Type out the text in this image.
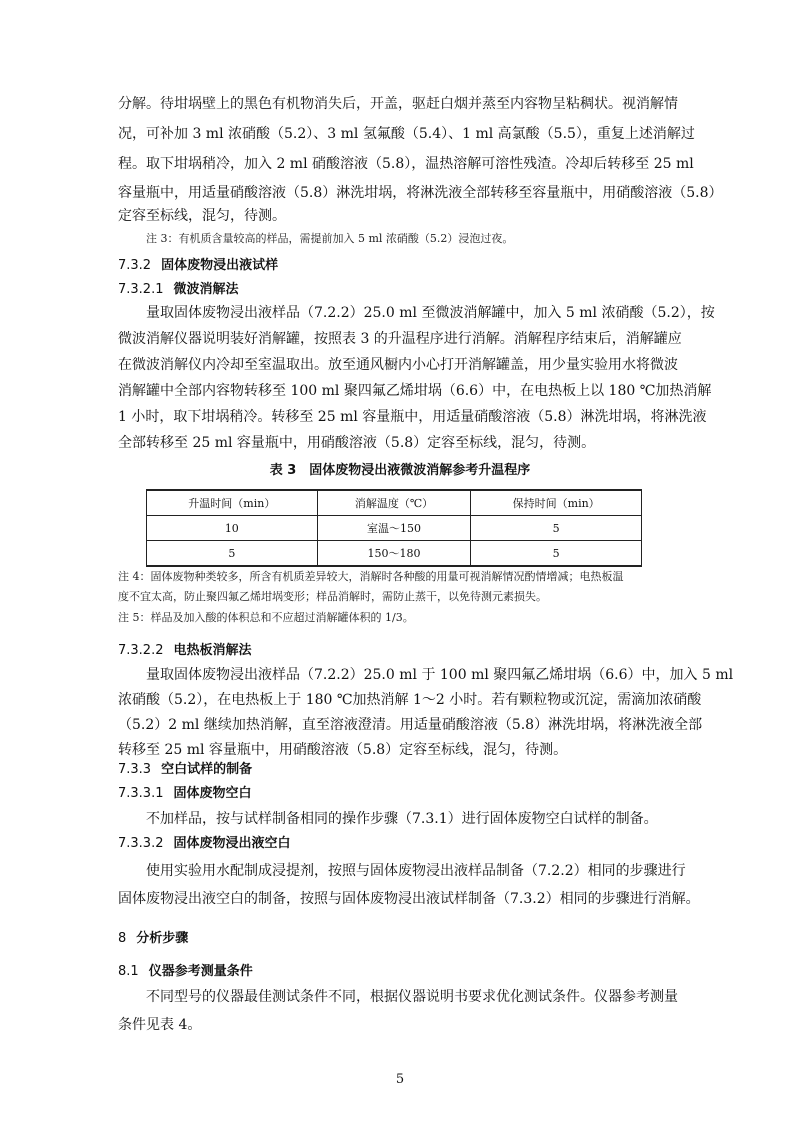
分解。待坩埚壁上的黑色有机物消失后，开盖，驱赶白烟并蒸至内容物呈粘稠状。视消解情
况，可补加 3 ml 浓硝酸（5.2）、3 ml 氢氟酸（5.4）、1 ml 高氯酸（5.5），重复上述消解过
程。取下坩埚稍冷，加入 2 ml 硝酸溶液（5.8），温热溶解可溶性残渣。冷却后转移至 25 ml
容量瓶中，用适量硝酸溶液（5.8）淋洗坩埚，将淋洗液全部转移至容量瓶中，用硝酸溶液（5.8）
定容至标线，混匀，待测。
注 3：有机质含量较高的样品，需提前加入 5 ml 浓硝酸（5.2）浸泡过夜。
7.3.2 固体废物浸出液试样
7.3.2.1 微波消解法
量取固体废物浸出液样品（7.2.2）25.0 ml 至微波消解罐中，加入 5 ml 浓硝酸（5.2），按
微波消解仪器说明装好消解罐，按照表 3 的升温程序进行消解。消解程序结束后，消解罐应
在微波消解仪内冷却至室温取出。放至通风橱内小心打开消解罐盖，用少量实验用水将微波
消解罐中全部内容物转移至 100 ml 聚四氟乙烯坩埚（6.6）中，在电热板上以 180 ℃加热消解
1 小时，取下坩埚稍冷。转移至 25 ml 容量瓶中，用适量硝酸溶液（5.8）淋洗坩埚，将淋洗液
全部转移至 25 ml 容量瓶中，用硝酸溶液（5.8）定容至标线，混匀，待测。
表 3　固体废物浸出液微波消解参考升温程序
升温时间（min）	消解温度（℃）	保持时间（min）
10	室温～150	5
5	150～180	5
注 4：固体废物种类较多，所含有机质差异较大，消解时各种酸的用量可视消解情况酌情增减；电热板温
度不宜太高，防止聚四氟乙烯坩埚变形；样品消解时，需防止蒸干，以免待测元素损失。
注 5：样品及加入酸的体积总和不应超过消解罐体积的 1/3。
7.3.2.2 电热板消解法
量取固体废物浸出液样品（7.2.2）25.0 ml 于 100 ml 聚四氟乙烯坩埚（6.6）中，加入 5 ml
浓硝酸（5.2），在电热板上于 180 ℃加热消解 1～2 小时。若有颗粒物或沉淀，需滴加浓硝酸
（5.2）2 ml 继续加热消解，直至溶液澄清。用适量硝酸溶液（5.8）淋洗坩埚，将淋洗液全部
转移至 25 ml 容量瓶中，用硝酸溶液（5.8）定容至标线，混匀，待测。
7.3.3 空白试样的制备
7.3.3.1 固体废物空白
不加样品，按与试样制备相同的操作步骤（7.3.1）进行固体废物空白试样的制备。
7.3.3.2 固体废物浸出液空白
使用实验用水配制成浸提剂，按照与固体废物浸出液样品制备（7.2.2）相同的步骤进行
固体废物浸出液空白的制备，按照与固体废物浸出液试样制备（7.3.2）相同的步骤进行消解。
8 分析步骤
8.1 仪器参考测量条件
不同型号的仪器最佳测试条件不同，根据仪器说明书要求优化测试条件。仪器参考测量
条件见表 4。
5
